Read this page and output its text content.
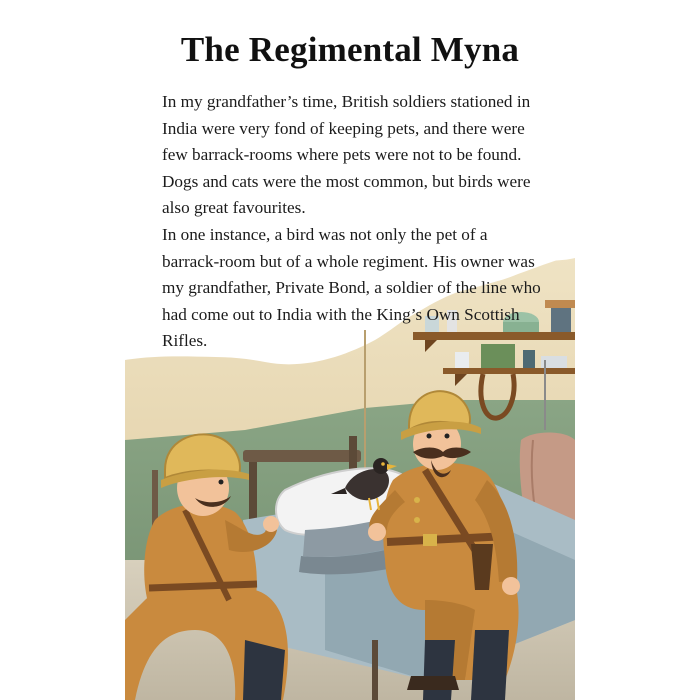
The Regimental Myna

In my grandfather’s time, British soldiers stationed in India were very fond of keeping pets, and there were few barrack-rooms where pets were not to be found. Dogs and cats were the most common, but birds were also great favourites.

In one instance, a bird was not only the pet of a barrack-room but of a whole regiment. His owner was my grandfather, Private Bond, a soldier of the line who had come out to India with the King’s Own Scottish Rifles.
